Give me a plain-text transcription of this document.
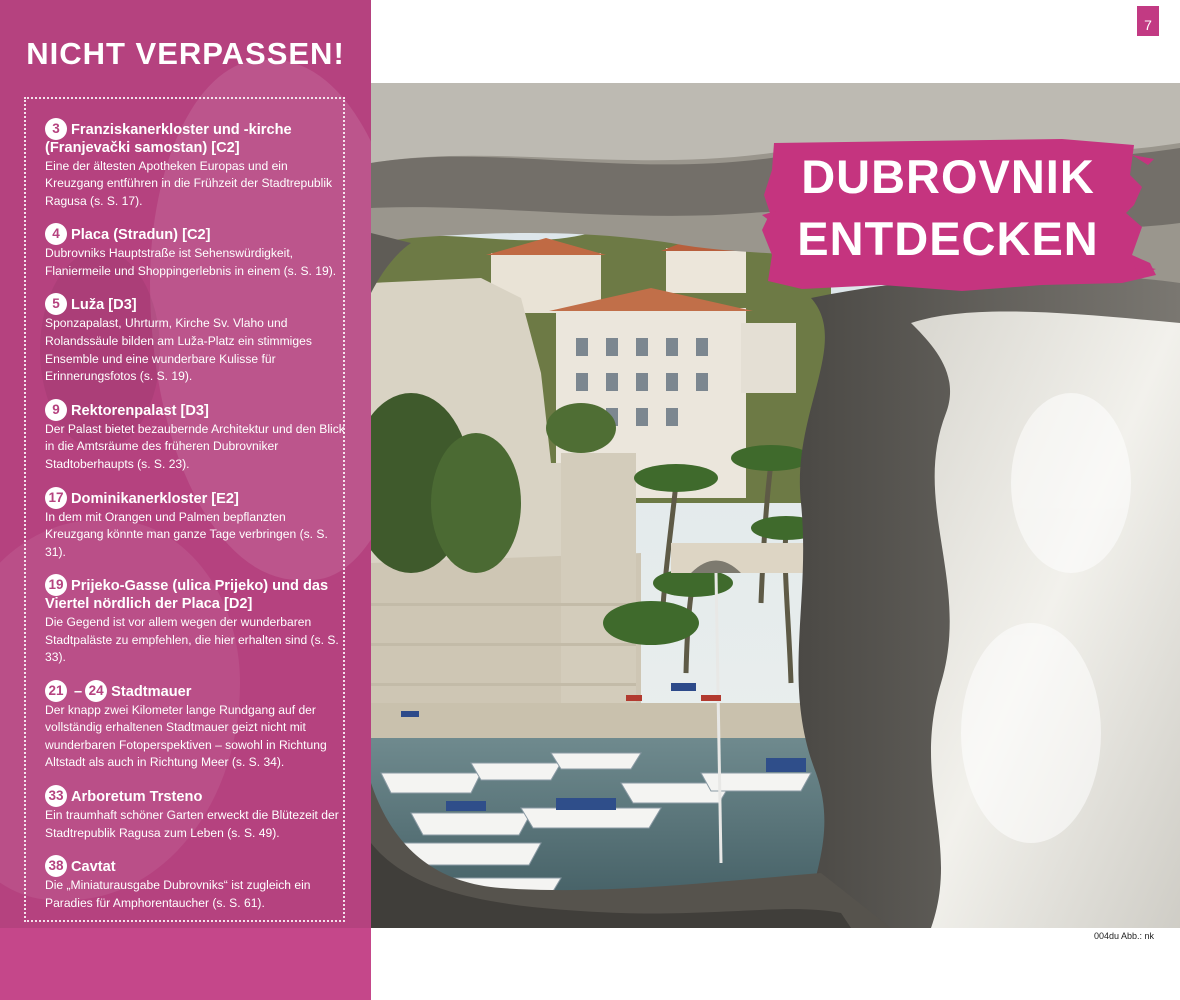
NICHT VERPASSEN!
3 Franziskanerkloster und -kirche (Franjevački samostan) [C2]
Eine der ältesten Apotheken Europas und ein Kreuzgang entführen in die Frühzeit der Stadtrepublik Ragusa (s. S. 17).
4 Placa (Stradun) [C2]
Dubrovniks Hauptstraße ist Sehenswürdigkeit, Flaniermeile und Shoppingerlebnis in einem (s. S. 19).
5 Luža [D3]
Sponzapalast, Uhrturm, Kirche Sv. Vlaho und Rolandssäule bilden am Luža-Platz ein stimmiges Ensemble und eine wunderbare Kulisse für Erinnerungsfotos (s. S. 19).
9 Rektorenpalast [D3]
Der Palast bietet bezaubernde Architektur und den Blick in die Amtsräume des früheren Dubrovniker Stadtoberhaupts (s. S. 23).
17 Dominikanerkloster [E2]
In dem mit Orangen und Palmen bepflanzten Kreuzgang könnte man ganze Tage verbringen (s. S. 31).
19 Prijeko-Gasse (ulica Prijeko) und das Viertel nördlich der Placa [D2]
Die Gegend ist vor allem wegen der wunderbaren Stadtpaläste zu empfehlen, die hier erhalten sind (s. S. 33).
21 – 24 Stadtmauer
Der knapp zwei Kilometer lange Rundgang auf der vollständig erhaltenen Stadtmauer geizt nicht mit wunderbaren Fotoperspektiven – sowohl in Richtung Altstadt als auch in Richtung Meer (s. S. 34).
33 Arboretum Trsteno
Ein traumhaft schöner Garten erweckt die Blütezeit der Stadtrepublik Ragusa zum Leben (s. S. 49).
38 Cavtat
Die „Miniaturausgabe Dubrovniks“ ist zugleich ein Paradies für Amphorentaucher (s. S. 61).
7
DUBROVNIK
ENTDECKEN
004du Abb.: nk
